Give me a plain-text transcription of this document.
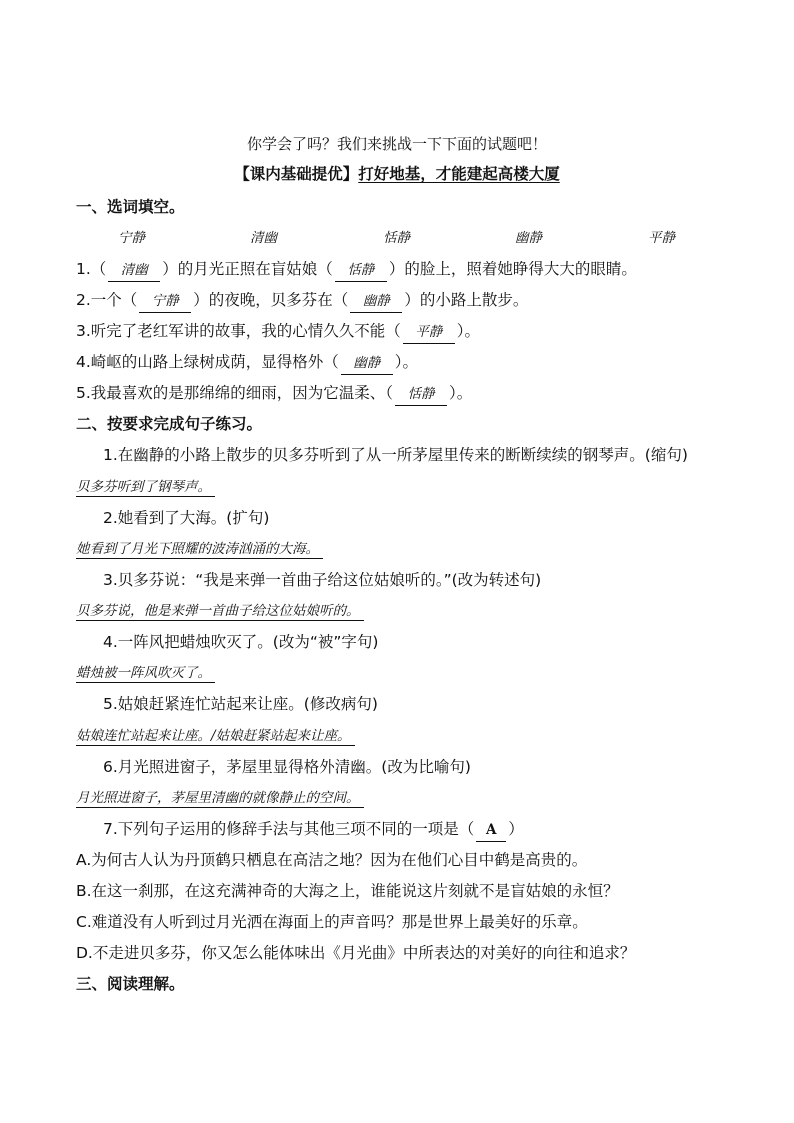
你学会了吗？我们来挑战一下下面的试题吧！
【课内基础提优】打好地基，才能建起高楼大厦
一、选词填空。
宁静	清幽	恬静	幽静	平静
1.（ 清幽 ）的月光正照在盲姑娘（ 恬静 ）的脸上，照着她睁得大大的眼睛。
2.一个（ 宁静 ）的夜晚，贝多芬在（ 幽静 ）的小路上散步。
3.听完了老红军讲的故事，我的心情久久不能（ 平静 ）。
4.崎岖的山路上绿树成荫，显得格外（ 幽静 ）。
5.我最喜欢的是那绵绵的细雨，因为它温柔、（ 恬静 ）。
二、按要求完成句子练习。
1.在幽静的小路上散步的贝多芬听到了从一所茅屋里传来的断断续续的钢琴声。(缩句)
贝多芬听到了钢琴声。
2.她看到了大海。(扩句)
她看到了月光下照耀的波涛汹涌的大海。
3.贝多芬说：“我是来弹一首曲子给这位姑娘听的。”(改为转述句)
贝多芬说，他是来弹一首曲子给这位姑娘听的。
4.一阵风把蜡烛吹灭了。(改为“被”字句)
蜡烛被一阵风吹灭了。
5.姑娘赶紧连忙站起来让座。(修改病句)
姑娘连忙站起来让座。/姑娘赶紧站起来让座。
6.月光照进窗子，茅屋里显得格外清幽。(改为比喻句)
月光照进窗子，茅屋里清幽的就像静止的空间。
7.下列句子运用的修辞手法与其他三项不同的一项是（ A ）
A.为何古人认为丹顶鹤只栖息在高洁之地？因为在他们心目中鹤是高贵的。
B.在这一刹那，在这充满神奇的大海之上，谁能说这片刻就不是盲姑娘的永恒？
C.难道没有人听到过月光洒在海面上的声音吗？那是世界上最美好的乐章。
D.不走进贝多芬，你又怎么能体味出《月光曲》中所表达的对美好的向往和追求？
三、阅读理解。
